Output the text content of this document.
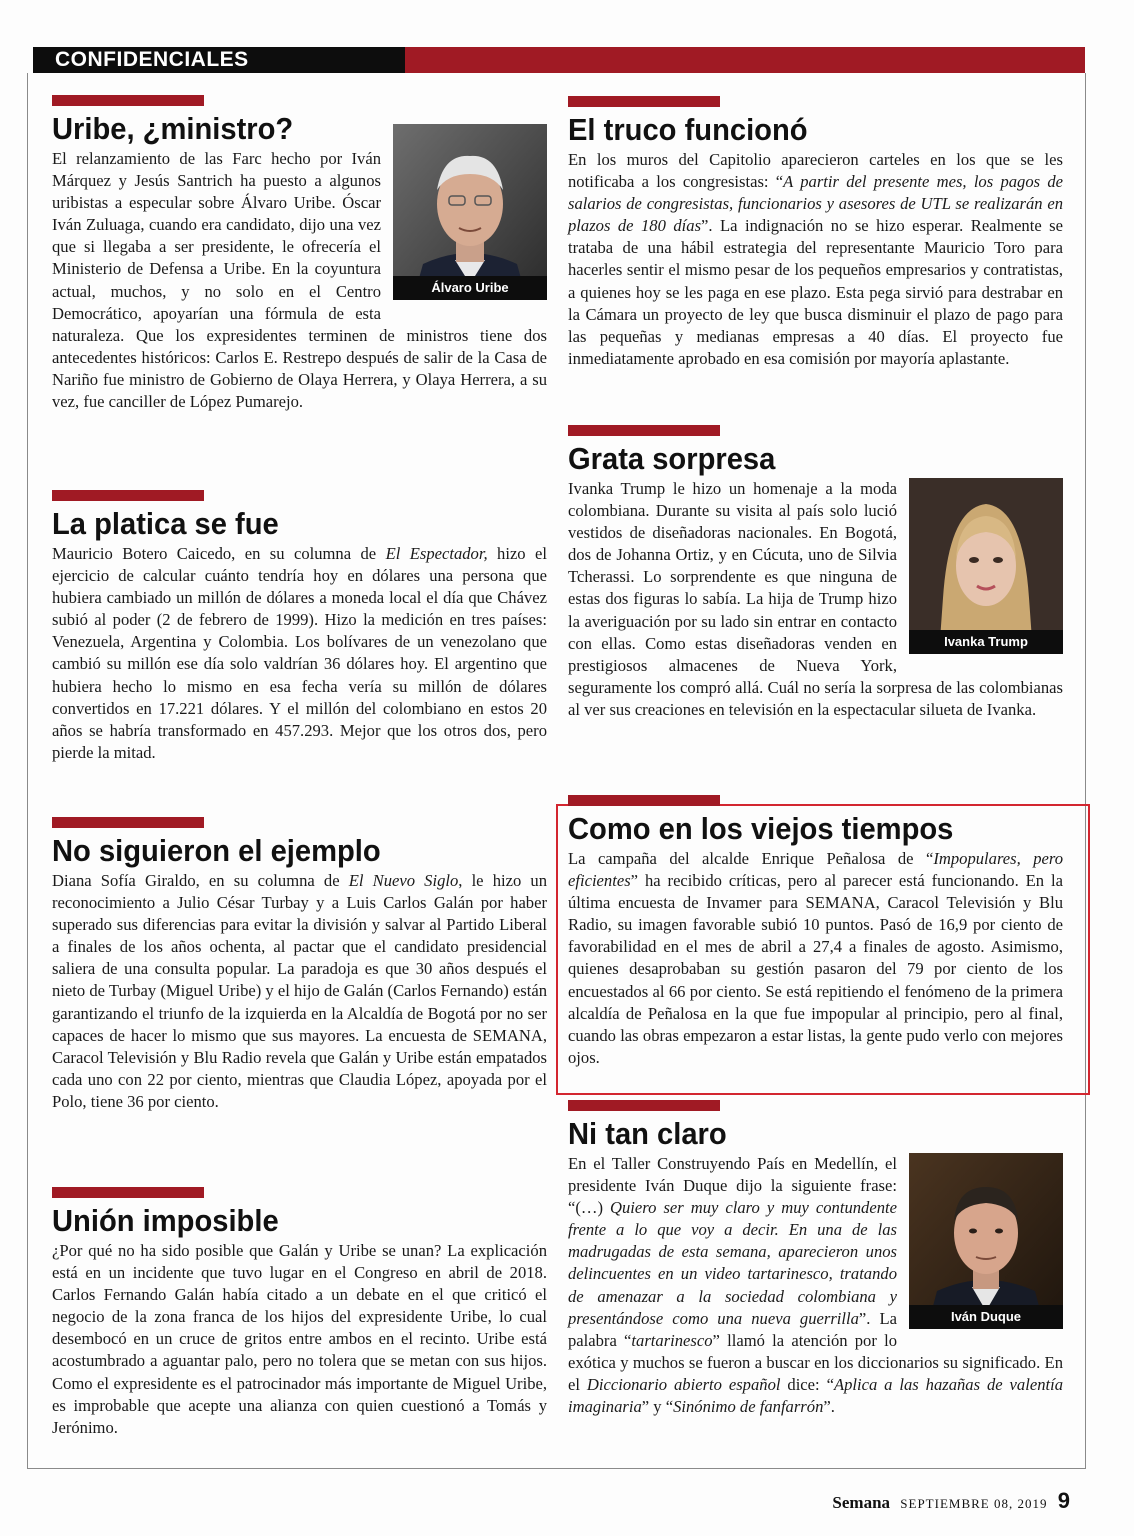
CONFIDENCIALES
Uribe, ¿ministro?
Álvaro Uribe

El relanzamiento de las Farc hecho por Iván Márquez y Jesús Santrich ha puesto a algunos uribistas a especular sobre Álvaro Uribe. Óscar Iván Zuluaga, cuando era candidato, dijo una vez que si llegaba a ser presidente, le ofrecería el Ministerio de Defensa a Uribe. En la coyuntura actual, muchos, y no solo en el Centro Democrático, apoyarían una fórmula de esta naturaleza. Que los expresidentes terminen de ministros tiene dos antecedentes históricos: Carlos E. Restrepo después de salir de la Casa de Nariño fue ministro de Gobierno de Olaya Herrera, y Olaya Herrera, a su vez, fue canciller de López Pumarejo.

La platica se fue

Mauricio Botero Caicedo, en su columna de El Espectador, hizo el ejercicio de calcular cuánto tendría hoy en dólares una persona que hubiera cambiado un millón de dólares a moneda local el día que Chávez subió al poder (2 de febrero de 1999). Hizo la medición en tres países: Venezuela, Argentina y Colombia. Los bolívares de un venezolano que cambió su millón ese día solo valdrían 36 dólares hoy. El argentino que hubiera hecho lo mismo en esa fecha vería su millón de dólares convertidos en 17.221 dólares. Y el millón del colombiano en estos 20 años se habría transformado en 457.293. Mejor que los otros dos, pero pierde la mitad.

No siguieron el ejemplo

Diana Sofía Giraldo, en su columna de El Nuevo Siglo, le hizo un reconocimiento a Julio César Turbay y a Luis Carlos Galán por haber superado sus diferencias para evitar la división y salvar al Partido Liberal a finales de los años ochenta, al pactar que el candidato presidencial saliera de una consulta popular. La paradoja es que 30 años después el nieto de Turbay (Miguel Uribe) y el hijo de Galán (Carlos Fernando) están garantizando el triunfo de la izquierda en la Alcaldía de Bogotá por no ser capaces de hacer lo mismo que sus mayores. La encuesta de SEMANA, Caracol Televisión y Blu Radio revela que Galán y Uribe están empatados cada uno con 22 por ciento, mientras que Claudia López, apoyada por el Polo, tiene 36 por ciento.

Unión imposible

¿Por qué no ha sido posible que Galán y Uribe se unan? La explicación está en un incidente que tuvo lugar en el Congreso en abril de 2018. Carlos Fernando Galán había citado a un debate en el que criticó el negocio de la zona franca de los hijos del expresidente Uribe, lo cual desembocó en un cruce de gritos entre ambos en el recinto. Uribe está acostumbrado a aguantar palo, pero no tolera que se metan con sus hijos. Como el expresidente es el patrocinador más importante de Miguel Uribe, es improbable que acepte una alianza con quien cuestionó a Tomás y Jerónimo.

El truco funcionó

En los muros del Capitolio aparecieron carteles en los que se les notificaba a los congresistas: “A partir del presente mes, los pagos de salarios de congresistas, funcionarios y asesores de UTL se realizarán en plazos de 180 días”. La indignación no se hizo esperar. Realmente se trataba de una hábil estrategia del representante Mauricio Toro para hacerles sentir el mismo pesar de los pequeños empresarios y contratistas, a quienes hoy se les paga en ese plazo. Esta pega sirvió para destrabar en la Cámara un proyecto de ley que busca disminuir el plazo de pago para las pequeñas y medianas empresas a 40 días. El proyecto fue inmediatamente aprobado en esa comisión por mayoría aplastante.

Grata sorpresa
Ivanka Trump

Ivanka Trump le hizo un homenaje a la moda colombiana. Durante su visita al país solo lució vestidos de diseñadoras nacionales. En Bogotá, dos de Johanna Ortiz, y en Cúcuta, uno de Silvia Tcherassi. Lo sorprendente es que ninguna de estas dos figuras lo sabía. La hija de Trump hizo la averiguación por su lado sin entrar en contacto con ellas. Como estas diseñadoras venden en prestigiosos almacenes de Nueva York, seguramente los compró allá. Cuál no sería la sorpresa de las colombianas al ver sus creaciones en televisión en la espectacular silueta de Ivanka.

Como en los viejos tiempos

La campaña del alcalde Enrique Peñalosa de “Impopulares, pero eficientes” ha recibido críticas, pero al parecer está funcionando. En la última encuesta de Invamer para SEMANA, Caracol Televisión y Blu Radio, su imagen favorable subió 10 puntos. Pasó de 16,9 por ciento de favorabilidad en el mes de abril a 27,4 a finales de agosto. Asimismo, quienes desaprobaban su gestión pasaron del 79 por ciento de los encuestados al 66 por ciento. Se está repitiendo el fenómeno de la primera alcaldía de Peñalosa en la que fue impopular al principio, pero al final, cuando las obras empezaron a estar listas, la gente pudo verlo con mejores ojos.

Ni tan claro
Iván Duque

En el Taller Construyendo País en Medellín, el presidente Iván Duque dijo la siguiente frase: “(…) Quiero ser muy claro y muy contundente frente a lo que voy a decir. En una de las madrugadas de esta semana, aparecieron unos delincuentes en un video tartarinesco, tratando de amenazar a la sociedad colombiana y presentándose como una nueva guerrilla”. La palabra “tartarinesco” llamó la atención por lo exótica y muchos se fueron a buscar en los diccionarios su significado. En el Diccionario abierto español dice: “Aplica a las hazañas de valentía imaginaria” y “Sinónimo de fanfarrón”.

Semana SEPTIEMBRE 08, 2019 9
